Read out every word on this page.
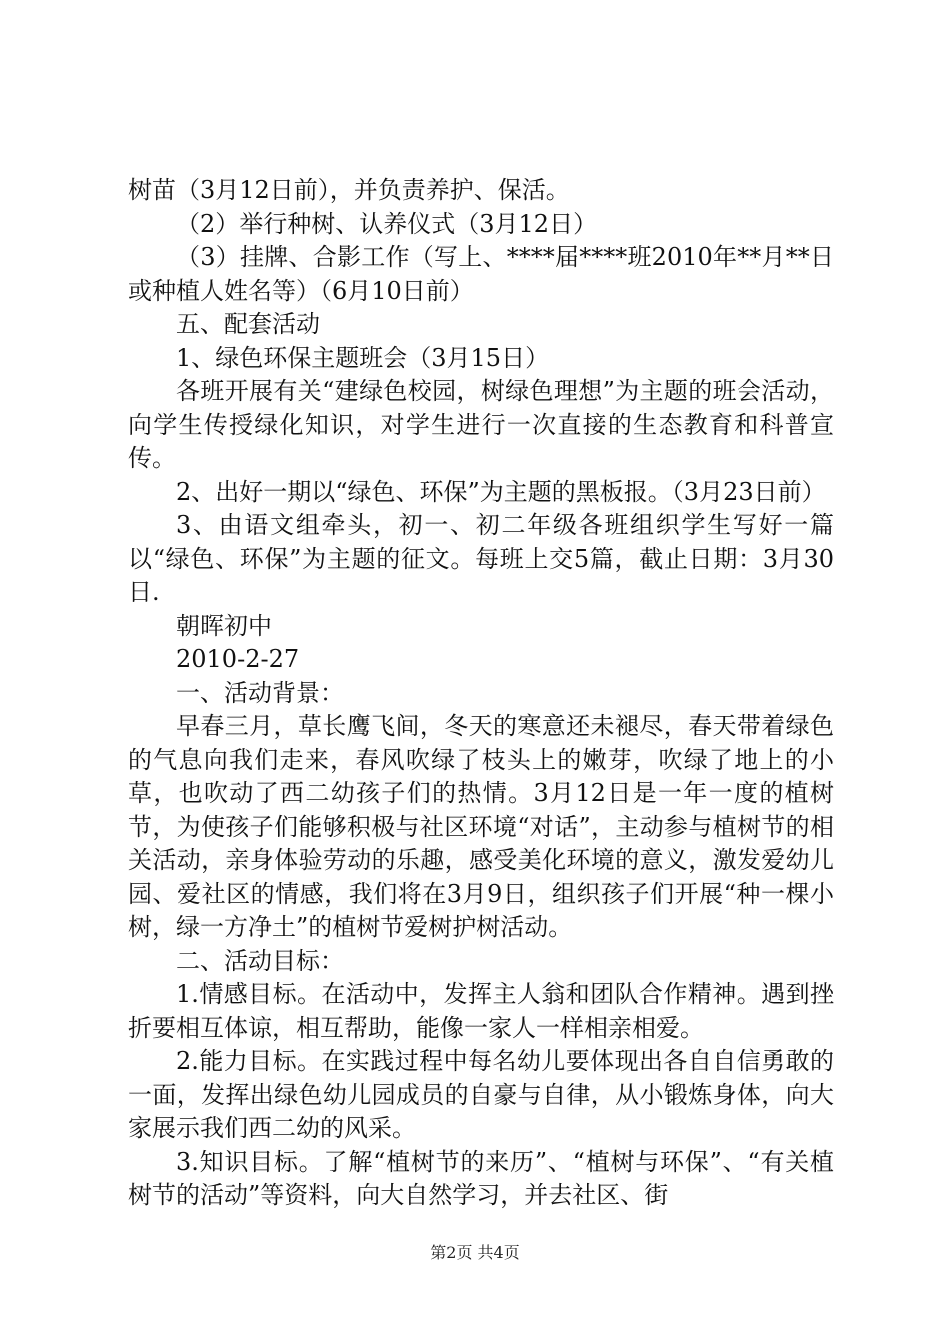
树苗（3月12日前），并负责养护、保活。

（2）举行种树、认养仪式（3月12日）

（3）挂牌、合影工作（写上、****届****班2010年**月**日或种植人姓名等）（6月10日前）

五、配套活动

1、绿色环保主题班会（3月15日）

各班开展有关“建绿色校园，树绿色理想”为主题的班会活动，向学生传授绿化知识，对学生进行一次直接的生态教育和科普宣传。

2、出好一期以“绿色、环保”为主题的黑板报。（3月23日前）

3、由语文组牵头，初一、初二年级各班组织学生写好一篇以“绿色、环保”为主题的征文。每班上交5篇，截止日期：3月30日.

朝晖初中

2010-2-27

一、活动背景：

早春三月，草长鹰飞间，冬天的寒意还未褪尽，春天带着绿色的气息向我们走来，春风吹绿了枝头上的嫩芽，吹绿了地上的小草，也吹动了西二幼孩子们的热情。3月12日是一年一度的植树节，为使孩子们能够积极与社区环境“对话”，主动参与植树节的相关活动，亲身体验劳动的乐趣，感受美化环境的意义，激发爱幼儿园、爱社区的情感，我们将在3月9日，组织孩子们开展“种一棵小树，绿一方净土”的植树节爱树护树活动。

二、活动目标：

1.情感目标。在活动中，发挥主人翁和团队合作精神。遇到挫折要相互体谅，相互帮助，能像一家人一样相亲相爱。

2.能力目标。在实践过程中每名幼儿要体现出各自自信勇敢的一面，发挥出绿色幼儿园成员的自豪与自律，从小锻炼身体，向大家展示我们西二幼的风采。

3.知识目标。了解“植树节的来历”、“植树与环保”、“有关植树节的活动”等资料，向大自然学习，并去社区、街

第2页 共4页
